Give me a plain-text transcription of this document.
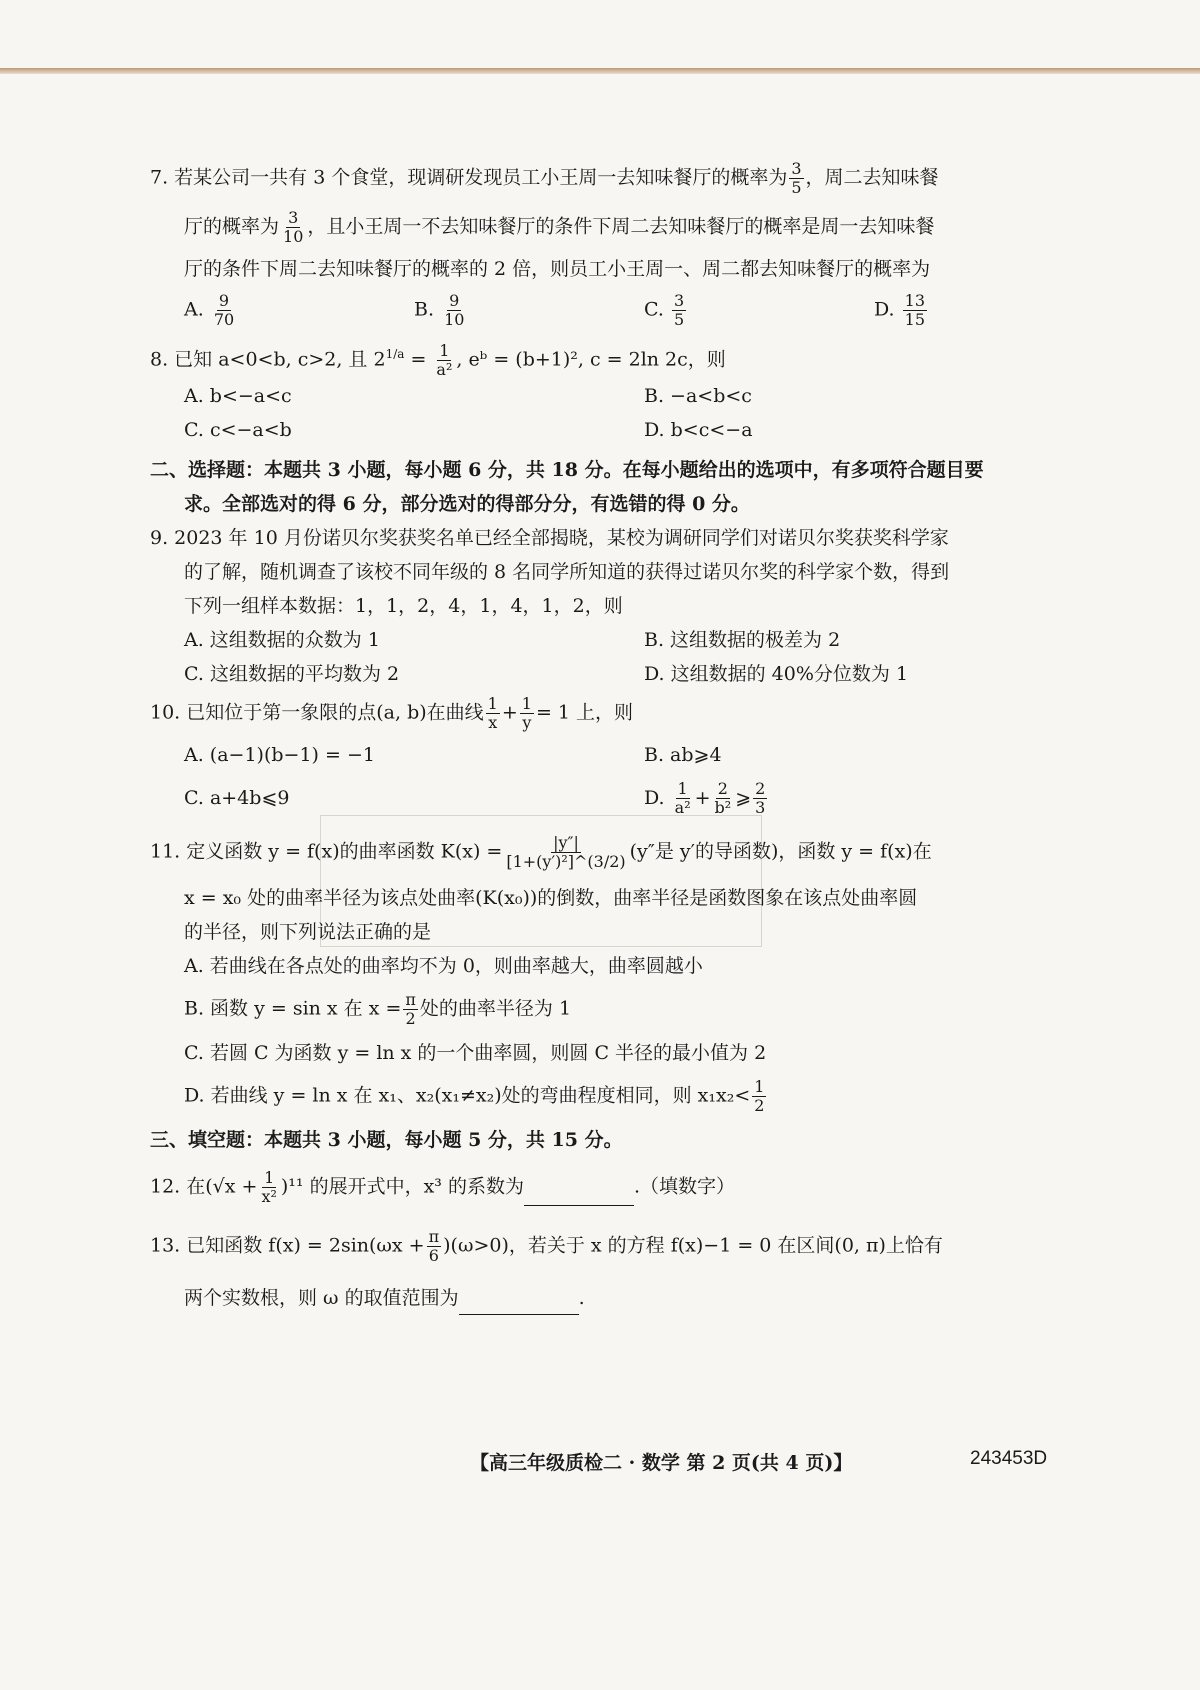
7. 若某公司一共有 3 个食堂，现调研发现员工小王周一去知味餐厅的概率为 $\frac{3}{5}$ ，周二去知味餐

厅的概率为 $\frac{3}{10}$ ，且小王周一不去知味餐厅的条件下周二去知味餐厅的概率是周一去知味餐

厅的条件下周二去知味餐厅的概率的 2 倍，则员工小王周一、周二都去知味餐厅的概率为

A. $\frac{9}{70}$	B. $\frac{9}{10}$	C. $\frac{3}{5}$	D. $\frac{13}{15}$

8. 已知 a<0<b, c>2, 且 $2^{1/a} = \frac{1}{\text{a²}}$ , eᵇ = (b+1)², c = 2ln 2c，则

A. b<−a<c	B. −a<b<c
C. c<−a<b	D. b<c<−a
二、选择题：本题共 3 小题，每小题 6 分，共 18 分。在每小题给出的选项中，有多项符合题目要
求。全部选对的得 6 分，部分选对的得部分分，有选错的得 0 分。
9. 2023 年 10 月份诺贝尔奖获奖名单已经全部揭晓，某校为调研同学们对诺贝尔奖获奖科学家
的了解，随机调查了该校不同年级的 8 名同学所知道的获得过诺贝尔奖的科学家个数，得到
下列一组样本数据：1，1，2，4，1，4，1，2，则
A. 这组数据的众数为 1	B. 这组数据的极差为 2
C. 这组数据的平均数为 2	D. 这组数据的 40%分位数为 1

10. 已知位于第一象限的点(a, b)在曲线 $\frac{1}{x} + \frac{1}{y} = 1$ 上，则

A. (a−1)(b−1) = −1	B. ab⩾4
C. a+4b⩽9	D. $\frac{1}{\text{a²}} + \frac{2}{\text{b²}}$ ⩾ $\frac{2}{3}$

11. 定义函数 y = f(x)的曲率函数 $K(x) = \frac{|y''|}{\text{[1+(y′)²]\textasciicircum{}(3/2)}} (y''$是 y′的导函数)，函数 y = f(x)在

x = x₀ 处的曲率半径为该点处曲率(K(x₀))的倒数，曲率半径是函数图象在该点处曲率圆
的半径，则下列说法正确的是
A. 若曲线在各点处的曲率均不为 0，则曲率越大，曲率圆越小
B. 函数 y = sin x 在 $x = \frac{\pi}{2}$ 处的曲率半径为 1
C. 若圆 C 为函数 y = ln x 的一个曲率圆，则圆 C 半径的最小值为 2
D. 若曲线 y = ln x 在 x₁、x₂(x₁≠x₂)处的弯曲程度相同，则 $x_1x_2< \frac{1}{2}$
三、填空题：本题共 3 小题，每小题 5 分，共 15 分。
12. 在$(√x + \frac{1}{\text{x²}} )^{11}$ 的展开式中，x³ 的系数为	.（填数字）
13. 已知函数 $f(x) = 2\sin(\omega x + \frac{\pi}{6} )(\omega>0)$，若关于 x 的方程 f(x)−1 = 0 在区间(0, π)上恰有
两个实数根，则 ω 的取值范围为	.
【高三年级质检二 · 数学 第 2 页(共 4 页)】	243453D
